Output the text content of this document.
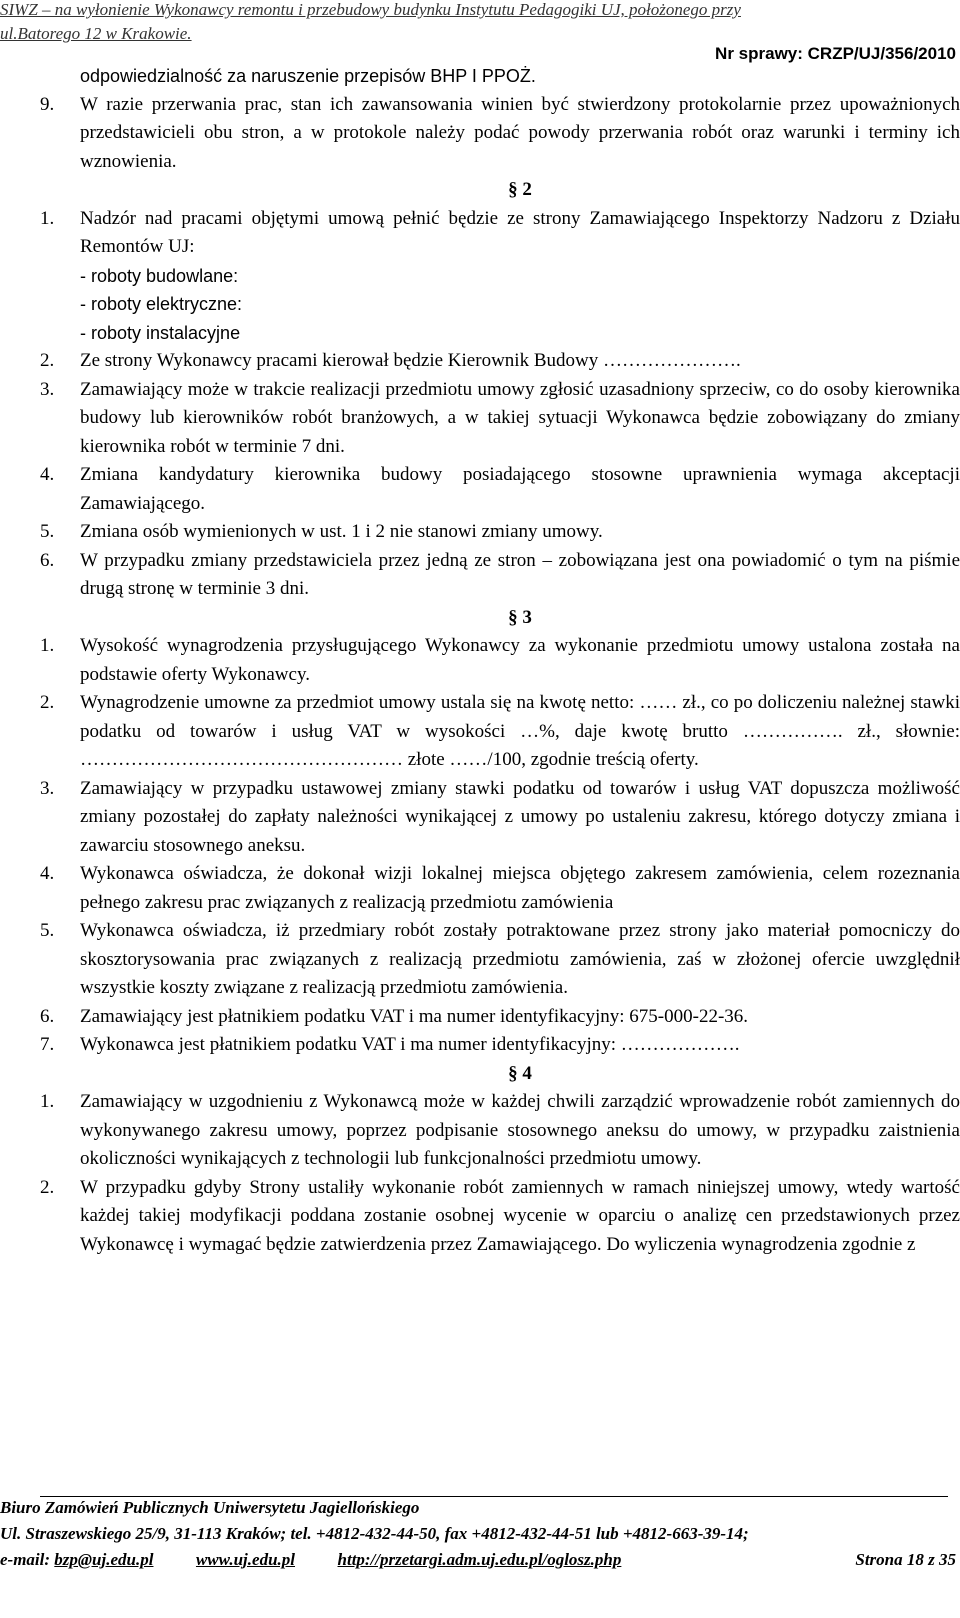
SIWZ – na wyłonienie Wykonawcy remontu i przebudowy budynku Instytutu Pedagogiki UJ, położonego przy
ul.Batorego 12 w Krakowie.
Nr sprawy: CRZP/UJ/356/2010
odpowiedzialność za naruszenie przepisów BHP I PPOŻ.
9.	W razie przerwania prac, stan ich zawansowania winien być stwierdzony protokolarnie przez upoważnionych przedstawicieli obu stron, a w protokole należy podać powody przerwania robót oraz warunki i terminy ich wznowienia.
§ 2
1.	Nadzór nad pracami objętymi umową pełnić będzie ze strony Zamawiającego Inspektorzy Nadzoru z Działu Remontów UJ:
- roboty budowlane:
- roboty elektryczne:
- roboty instalacyjne
2.	Ze strony Wykonawcy pracami kierował będzie Kierownik Budowy ………………….
3.	Zamawiający może w trakcie realizacji przedmiotu umowy zgłosić uzasadniony sprzeciw, co do osoby kierownika budowy lub kierowników robót branżowych, a w takiej sytuacji Wykonawca będzie zobowiązany do zmiany kierownika robót w terminie 7 dni.
4.	Zmiana kandydatury kierownika budowy posiadającego stosowne uprawnienia wymaga akceptacji Zamawiającego.
5.	Zmiana osób wymienionych w ust. 1 i 2 nie stanowi zmiany umowy.
6.	W przypadku zmiany przedstawiciela przez jedną ze stron – zobowiązana jest ona powiadomić o tym na piśmie drugą stronę w terminie 3 dni.
§ 3
1.	Wysokość wynagrodzenia przysługującego Wykonawcy za wykonanie przedmiotu umowy ustalona została na podstawie oferty Wykonawcy.
2.	Wynagrodzenie umowne za przedmiot umowy ustala się na kwotę netto: …… zł., co po doliczeniu należnej stawki podatku od towarów i usług VAT w wysokości …%, daje kwotę brutto ……………. zł., słownie: …………………………………………… złote ……/100, zgodnie treścią oferty.
3.	Zamawiający w przypadku ustawowej zmiany stawki podatku od towarów i usług VAT dopuszcza możliwość zmiany pozostałej do zapłaty należności wynikającej z umowy po ustaleniu zakresu, którego dotyczy zmiana i zawarciu stosownego aneksu.
4.	Wykonawca oświadcza, że dokonał wizji lokalnej miejsca objętego zakresem zamówienia, celem rozeznania pełnego zakresu prac związanych z realizacją przedmiotu zamówienia
5.	Wykonawca oświadcza, iż przedmiary robót zostały potraktowane przez strony jako materiał pomocniczy do skosztorysowania prac związanych z realizacją przedmiotu zamówienia, zaś w złożonej ofercie uwzględnił wszystkie koszty związane z realizacją przedmiotu zamówienia.
6.	Zamawiający jest płatnikiem podatku VAT i ma numer identyfikacyjny: 675-000-22-36.
7.	Wykonawca jest płatnikiem podatku VAT i ma numer identyfikacyjny: ……………….
§ 4
1.	Zamawiający w uzgodnieniu z Wykonawcą może w każdej chwili zarządzić wprowadzenie robót zamiennych do wykonywanego zakresu umowy, poprzez podpisanie stosownego aneksu do umowy, w przypadku zaistnienia okoliczności wynikających z technologii lub funkcjonalności przedmiotu umowy.
2.	W przypadku gdyby Strony ustaliły wykonanie robót zamiennych w ramach niniejszej umowy, wtedy wartość każdej takiej modyfikacji poddana zostanie osobnej wycenie w oparciu o analizę cen przedstawionych przez Wykonawcę i wymagać będzie zatwierdzenia przez Zamawiającego. Do wyliczenia wynagrodzenia zgodnie z
Biuro Zamówień Publicznych Uniwersytetu Jagiellońskiego
Ul. Straszewskiego 25/9, 31-113 Kraków; tel. +4812-432-44-50, fax +4812-432-44-51 lub +4812-663-39-14;
e-mail: bzp@uj.edu.pl	www.uj.edu.pl	http://przetargi.adm.uj.edu.pl/oglosz.php	Strona 18 z 35
